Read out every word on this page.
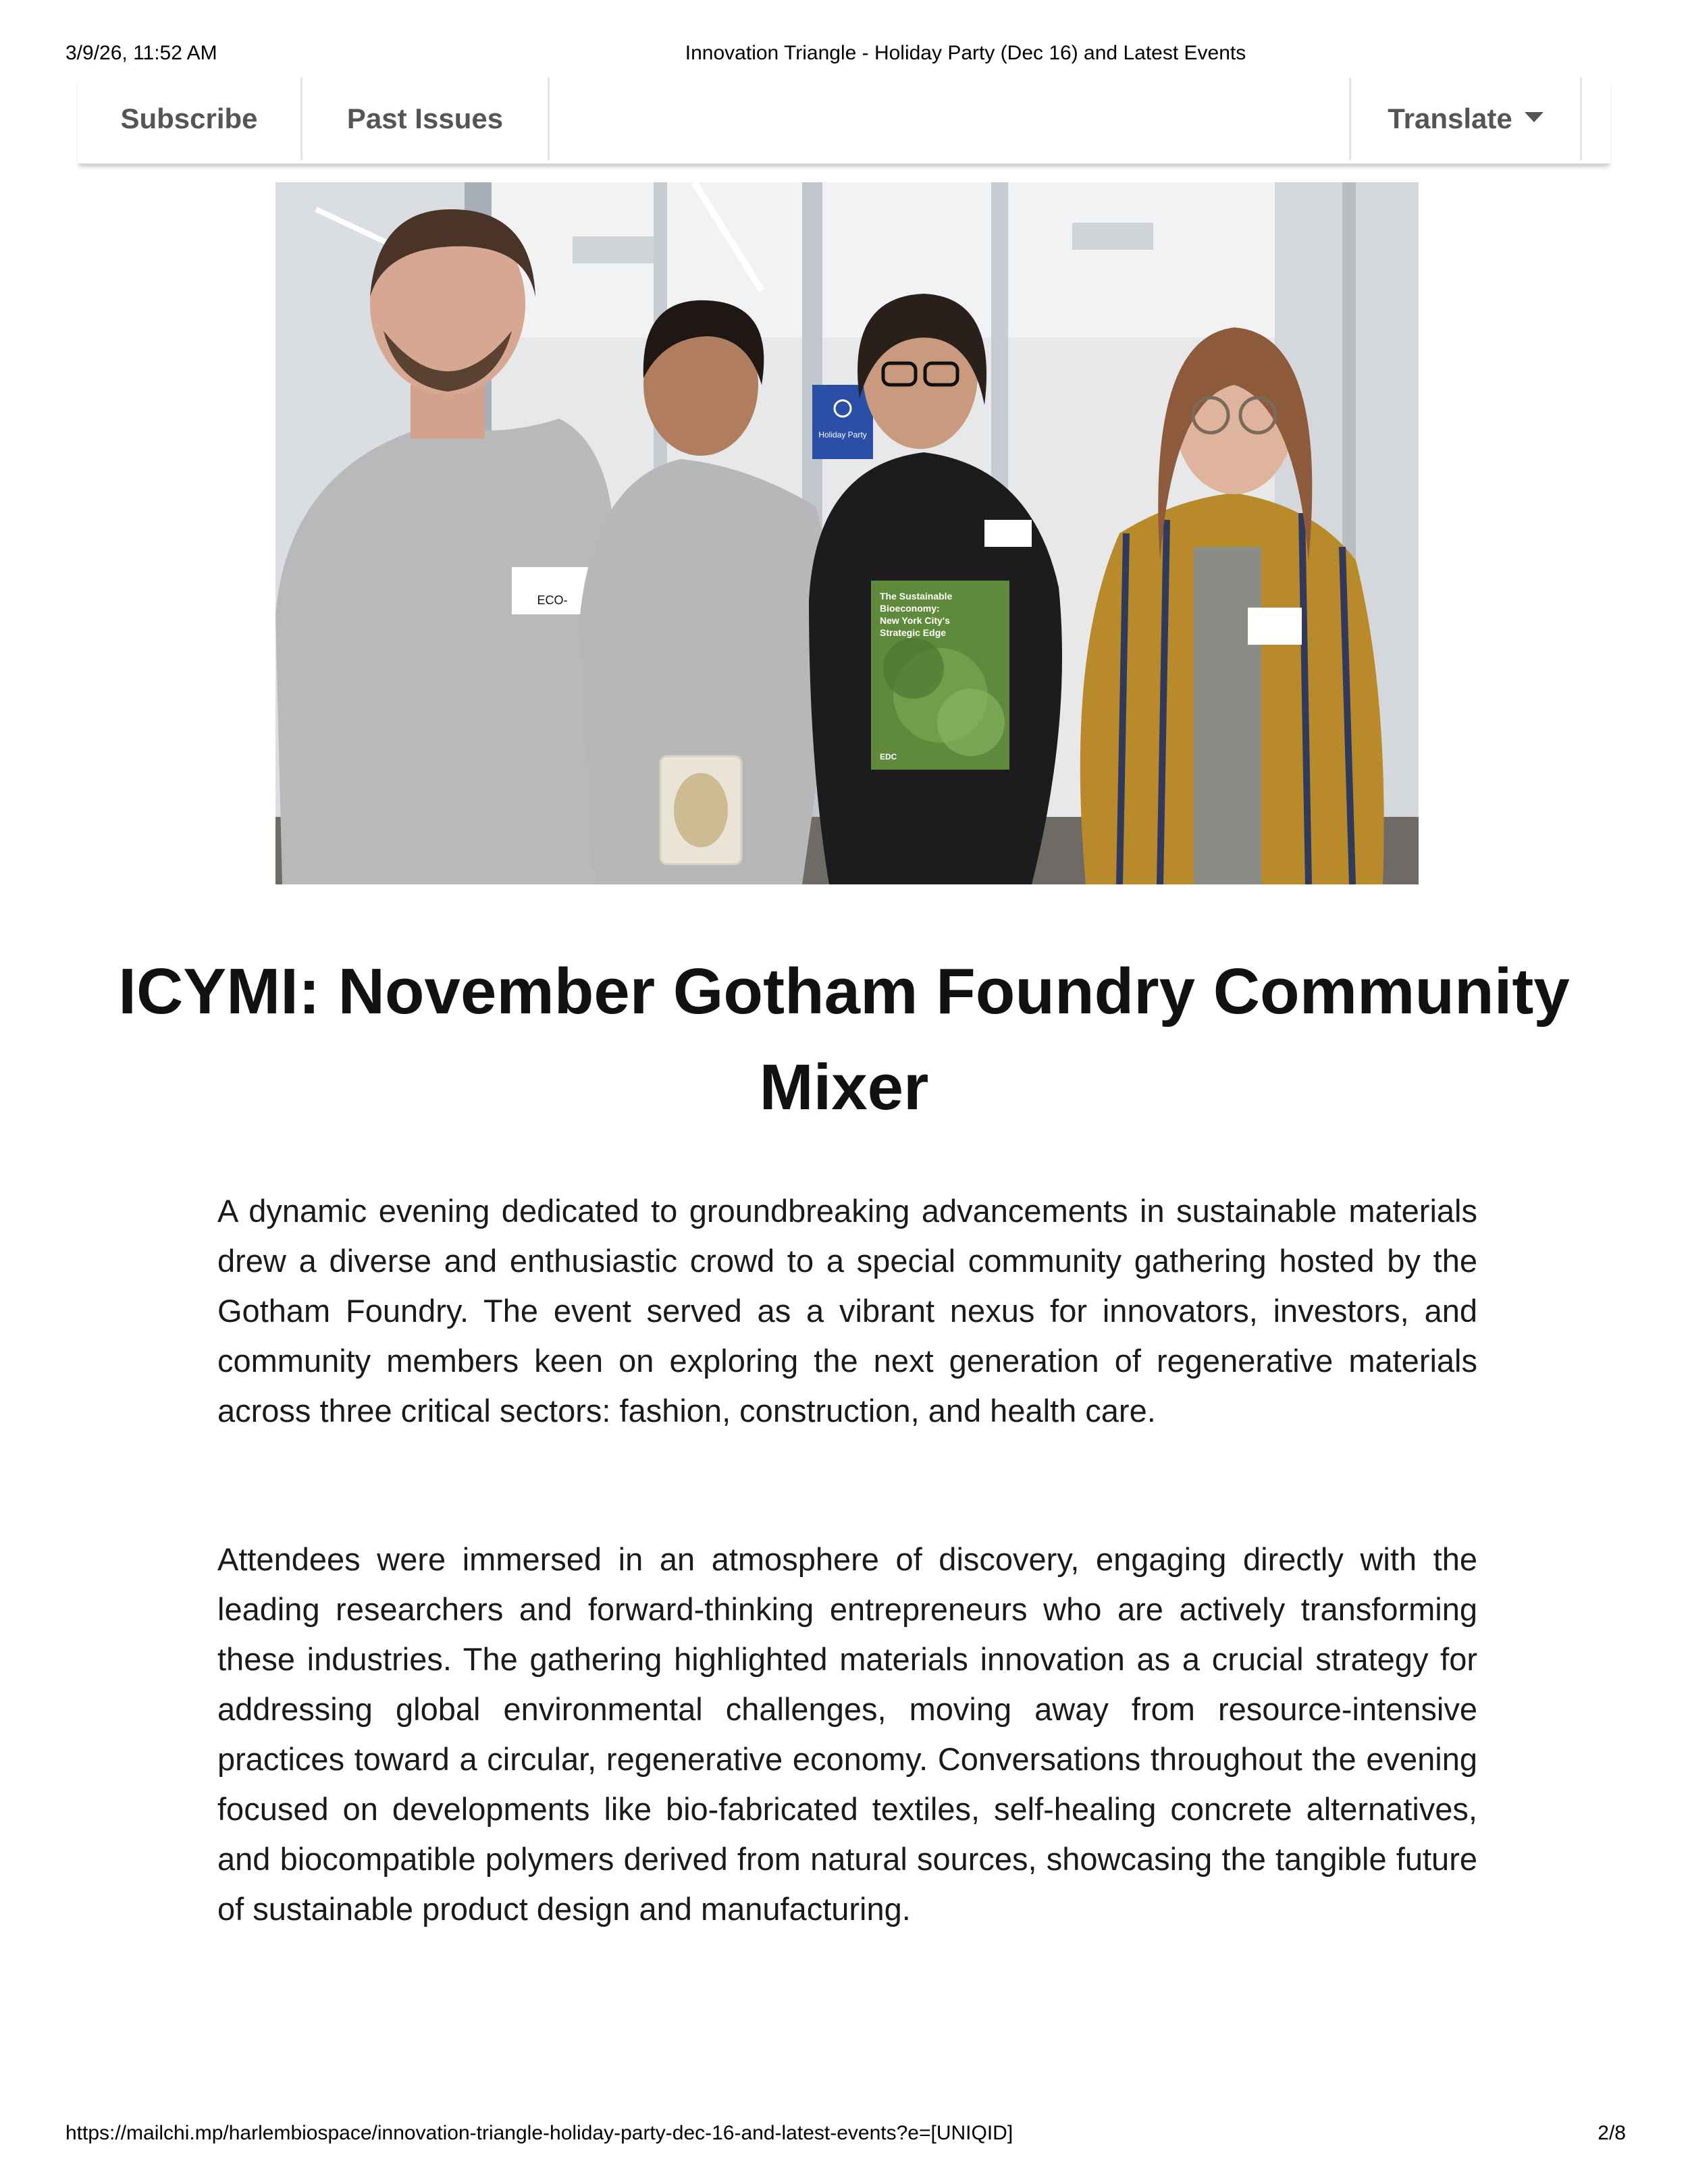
3/9/26, 11:52 AM	Innovation Triangle - Holiday Party (Dec 16) and Latest Events
Subscribe	Past Issues	Translate
Holiday Party
ECO-	The Sustainable
Bioeconomy:
New York City's
Strategic Edge
EDC
ICYMI: November Gotham Foundry Community Mixer

A dynamic evening dedicated to groundbreaking advancements in sustainable materials drew a diverse and enthusiastic crowd to a special community gathering hosted by the Gotham Foundry. The event served as a vibrant nexus for innovators, investors, and community members keen on exploring the next generation of regenerative materials across three critical sectors: fashion, construction, and health care.

Attendees were immersed in an atmosphere of discovery, engaging directly with the leading researchers and forward-thinking entrepreneurs who are actively transforming these industries. The gathering highlighted materials innovation as a crucial strategy for addressing global environmental challenges, moving away from resource-intensive practices toward a circular, regenerative economy. Conversations throughout the evening focused on developments like bio-fabricated textiles, self-healing concrete alternatives, and biocompatible polymers derived from natural sources, showcasing the tangible future of sustainable product design and manufacturing.

https://mailchi.mp/harlembiospace/innovation-triangle-holiday-party-dec-16-and-latest-events?e=[UNIQID]	2/8
